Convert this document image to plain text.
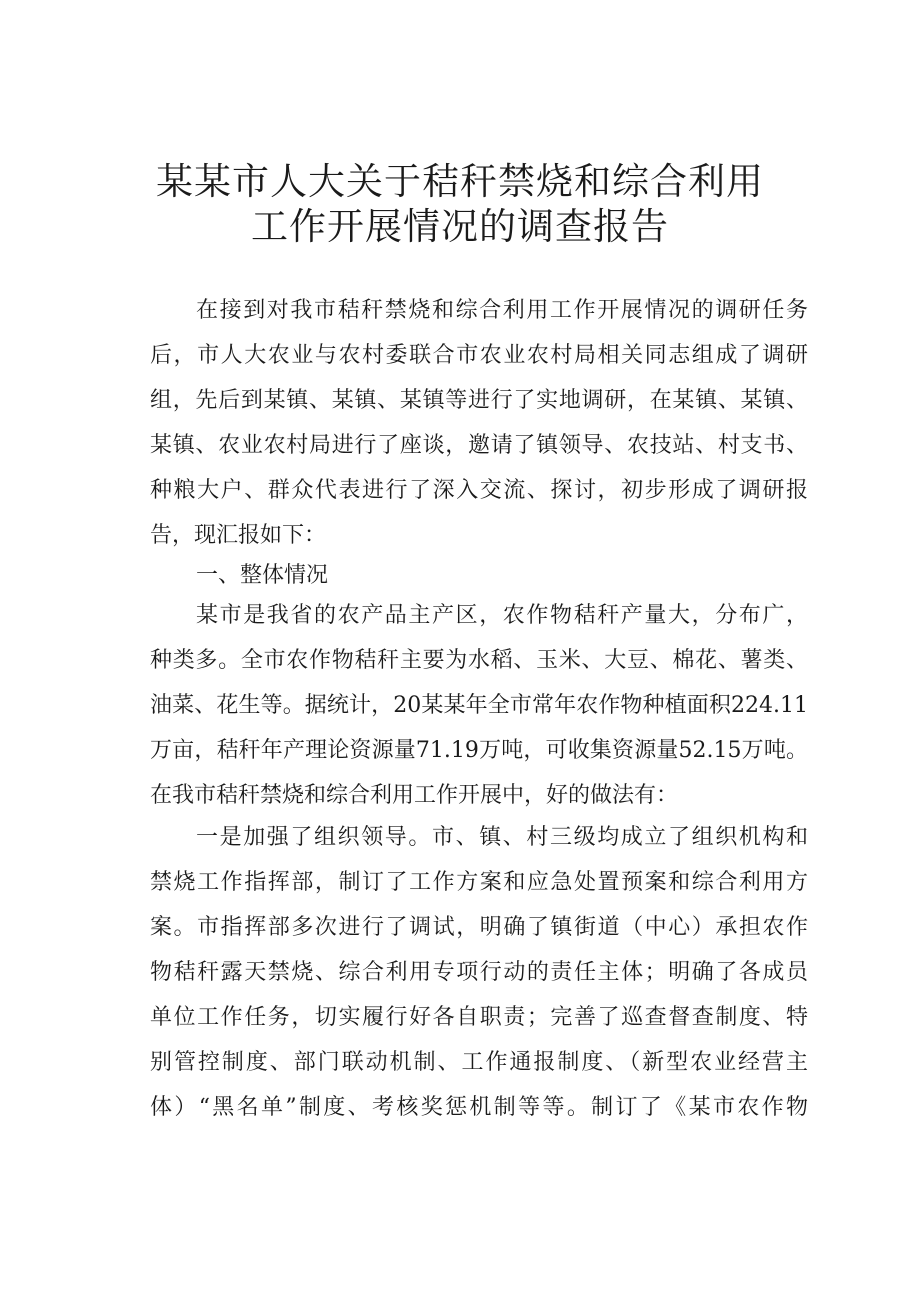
某某市人大关于秸秆禁烧和综合利用
工作开展情况的调查报告
在接到对我市秸秆禁烧和综合利用工作开展情况的调研任务
后，市人大农业与农村委联合市农业农村局相关同志组成了调研
组，先后到某镇、某镇、某镇等进行了实地调研，在某镇、某镇、
某镇、农业农村局进行了座谈，邀请了镇领导、农技站、村支书、
种粮大户、群众代表进行了深入交流、探讨，初步形成了调研报
告，现汇报如下：
一、整体情况
某市是我省的农产品主产区，农作物秸秆产量大，分布广，
种类多。全市农作物秸秆主要为水稻、玉米、大豆、棉花、薯类、
油菜、花生等。据统计，20某某年全市常年农作物种植面积224.11
万亩，秸秆年产理论资源量71.19万吨，可收集资源量52.15万吨。
在我市秸秆禁烧和综合利用工作开展中，好的做法有：
一是加强了组织领导。市、镇、村三级均成立了组织机构和
禁烧工作指挥部，制订了工作方案和应急处置预案和综合利用方
案。市指挥部多次进行了调试，明确了镇街道（中心）承担农作
物秸秆露天禁烧、综合利用专项行动的责任主体；明确了各成员
单位工作任务，切实履行好各自职责；完善了巡查督查制度、特
别管控制度、部门联动机制、工作通报制度、（新型农业经营主
体）“黑名单”制度、考核奖惩机制等等。制订了《某市农作物
